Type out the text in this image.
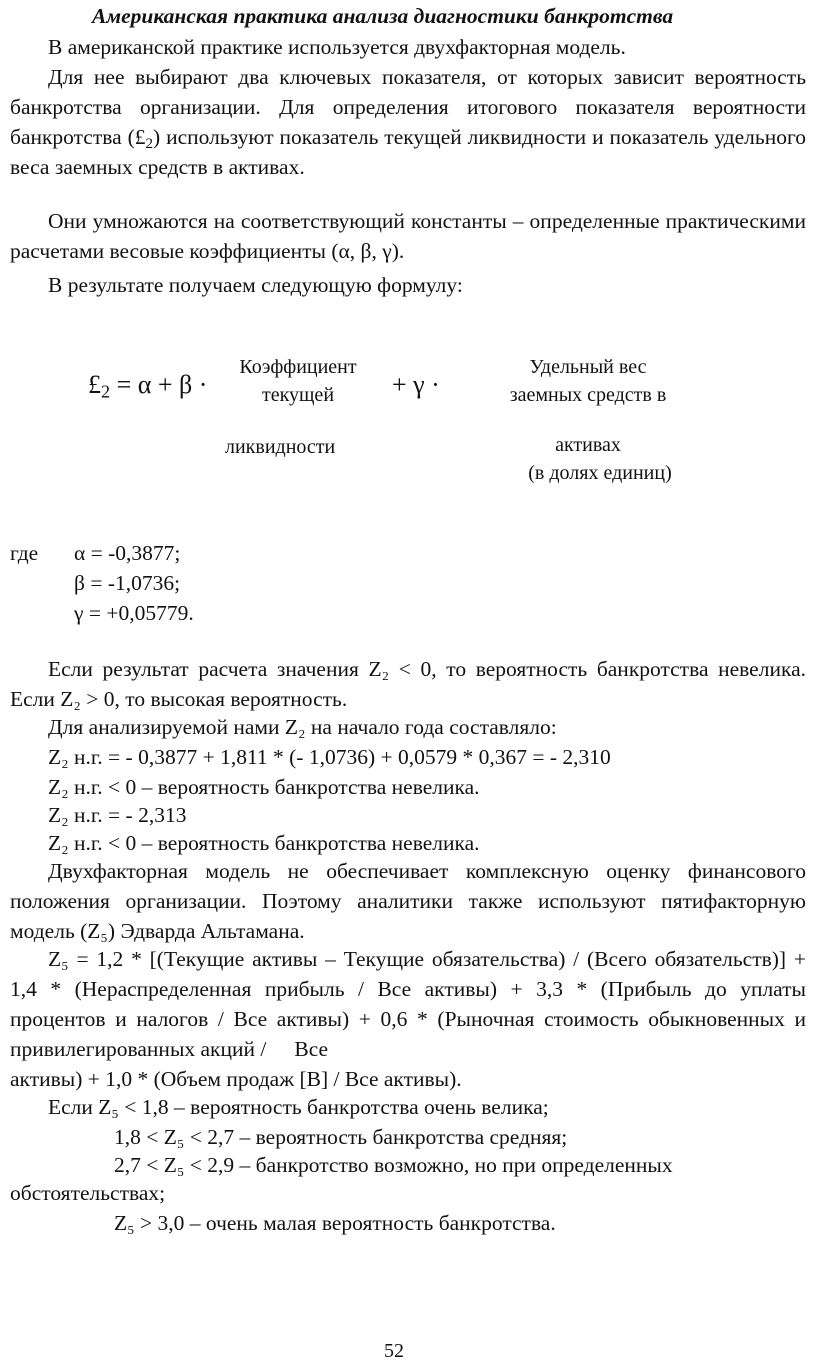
Американская практика анализа диагностики банкротства
В американской практике используется двухфакторная модель.
Для нее выбирают два ключевых показателя, от которых зависит вероятность банкротства организации. Для определения итогового показателя вероятности банкротства $(£_2)$ используют показатель текущей ликвидности и показатель удельного веса заемных средств в активах.
Они умножаются на соответствующий константы – определенные практическими расчетами весовые коэффициенты (α, β, γ).
В результате получаем следующую формулу:
$£_2 = \alpha + \beta$ ·
Коэффициент
текущей	+ γ ·
Удельный вес
заемных средств в
ликвидности	активах
(в долях единиц)
где α = -0,3877;
β = -1,0736;
γ = +0,05779.
Если результат расчета значения Z₂ < 0, то вероятность банкротства невелика. Если Z₂ > 0, то высокая вероятность.
Для анализируемой нами Z₂ на начало года составляло:
Z₂ н.г. = - 0,3877 + 1,811 * (- 1,0736) + 0,0579 * 0,367 = - 2,310
Z₂ н.г. < 0 – вероятность банкротства невелика.
Z₂ н.г. = - 2,313
Z₂ н.г. < 0 – вероятность банкротства невелика.
Двухфакторная модель не обеспечивает комплексную оценку финансового положения организации. Поэтому аналитики также используют пятифакторную модель (Z₅) Эдварда Альтамана.
Z₅ = 1,2 * [(Текущие активы – Текущие обязательства) / (Всего обязательств)] + 1,4 * (Нераспределенная прибыль / Все активы) + 3,3 * (Прибыль до уплаты процентов и налогов / Все активы) + 0,6 * (Рыночная стоимость обыкновенных и привилегированных акций / Все
активы) + 1,0 * (Объем продаж [B] / Все активы).
Если Z₅ < 1,8 – вероятность банкротства очень велика;
1,8 < Z₅ < 2,7 – вероятность банкротства средняя;
2,7 < Z₅ < 2,9 – банкротство возможно, но при определенных
обстоятельствах;
Z₅ > 3,0 – очень малая вероятность банкротства.
52
